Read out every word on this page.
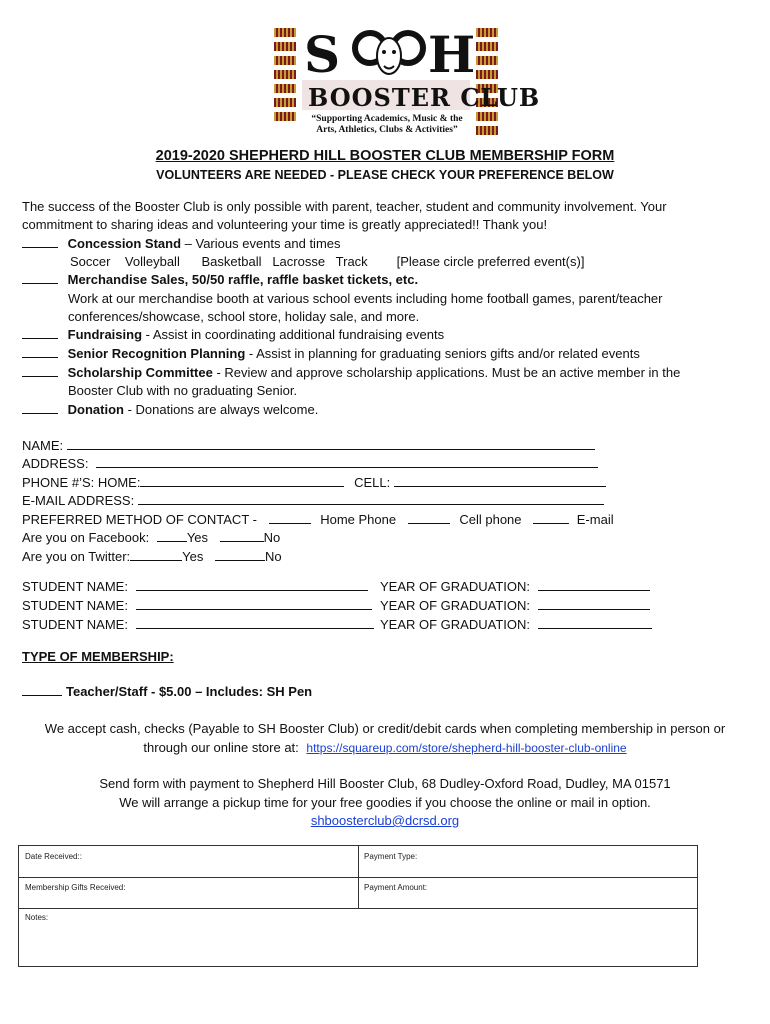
S H
BOOSTER CLUB
“Supporting Academics, Music & the
Arts, Athletics, Clubs & Activities”
2019-2020 SHEPHERD HILL BOOSTER CLUB MEMBERSHIP FORM
VOLUNTEERS ARE NEEDED - PLEASE CHECK YOUR PREFERENCE BELOW
The success of the Booster Club is only possible with parent, teacher, student and community involvement. Your
commitment to sharing ideas and volunteering your time is greatly appreciated!! Thank you!
Concession Stand – Various events and times
Soccer    Volleyball      Basketball   Lacrosse   Track        [Please circle preferred event(s)]
Merchandise Sales, 50/50 raffle, raffle basket tickets, etc.
Work at our merchandise booth at various school events including home football games, parent/teacher
conferences/showcase, school store, holiday sale, and more.
Fundraising - Assist in coordinating additional fundraising events
Senior Recognition Planning - Assist in planning for graduating seniors gifts and/or related events
Scholarship Committee - Review and approve scholarship applications. Must be an active member in the
Booster Club with no graduating Senior.
Donation - Donations are always welcome.
NAME:
ADDRESS:
PHONE #’S: HOME:	CELL:
E-MAIL ADDRESS:
PREFERRED METHOD OF CONTACT -	Home Phone	Cell phone	E-mail
Are you on Facebook:	Yes	No
Are you on Twitter:	Yes	No
STUDENT NAME:	YEAR OF GRADUATION:
STUDENT NAME:	YEAR OF GRADUATION:
STUDENT NAME:	YEAR OF GRADUATION:
TYPE OF MEMBERSHIP:
Teacher/Staff - $5.00 – Includes: SH Pen
We accept cash, checks (Payable to SH Booster Club) or credit/debit cards when completing membership in person or
through our online store at: https://squareup.com/store/shepherd-hill-booster-club-online
Send form with payment to Shepherd Hill Booster Club, 68 Dudley-Oxford Road, Dudley, MA 01571
We will arrange a pickup time for your free goodies if you choose the online or mail in option.
shboosterclub@dcrsd.org
Date Received::	Payment Type:
Membership Gifts Received:	Payment Amount:
Notes:
